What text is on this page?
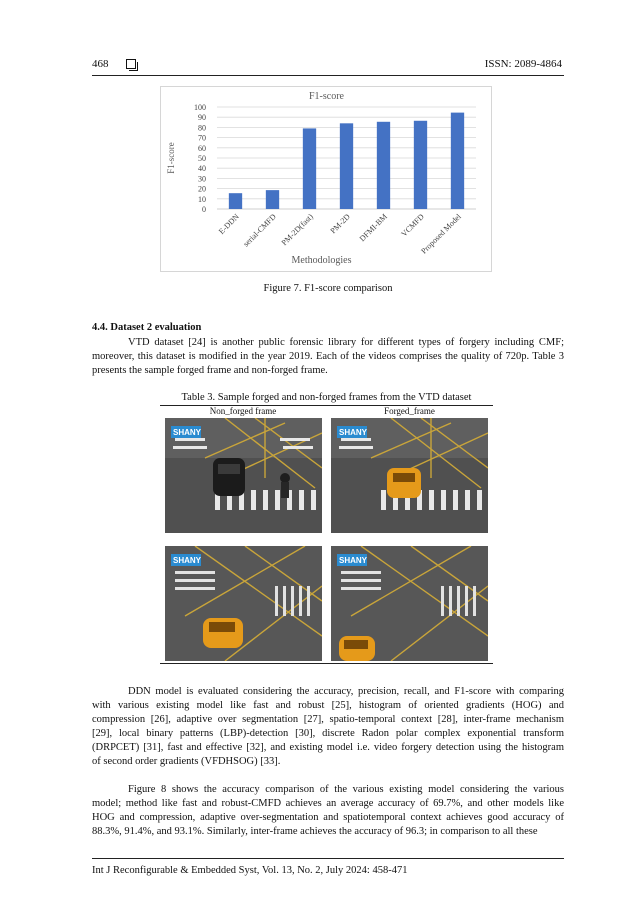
468	ISSN: 2089-4864
F1-score
0
10
20
30
40
50
60
70
80
90
100
F1-score
E-DDN serial-CMFD PM-2D(fast) PM-2D DFMI-BM VCMFD
Proposed Model
Methodologies
Figure 7. F1-score comparison
4.4. Dataset 2 evaluation
VTD dataset [24] is another public forensic library for different types of forgery including CMF;
moreover, this dataset is modified in the year 2019. Each of the videos comprises the quality of 720p. Table 3
presents the sample forged frame and non-forged frame.
Table 3. Sample forged and non-forged frames from the VTD dataset
Non_forged frame	Forged_frame
SHANY	SHANY
SHANY	SHANY
DDN model is evaluated considering the accuracy, precision, recall, and F1-score with comparing
with various existing model like fast and robust [25], histogram of oriented gradients (HOG) and
compression [26], adaptive over segmentation [27], spatio-temporal context [28], inter-frame mechanism
[29], local binary patterns (LBP)-detection [30], discrete Radon polar complex exponential transform
(DRPCET) [31], fast and effective [32], and existing model i.e. video forgery detection using the histogram
of second order gradients (VFDHSOG) [33].
Figure 8 shows the accuracy comparison of the various existing model considering the various
model; method like fast and robust-CMFD achieves an average accuracy of 69.7%, and other models like
HOG and compression, adaptive over-segmentation and spatiotemporal context achieves good accuracy of
88.3%, 91.4%, and 93.1%. Similarly, inter-frame achieves the accuracy of 96.3; in comparison to all these
Int J Reconfigurable & Embedded Syst, Vol. 13, No. 2, July 2024: 458-471
